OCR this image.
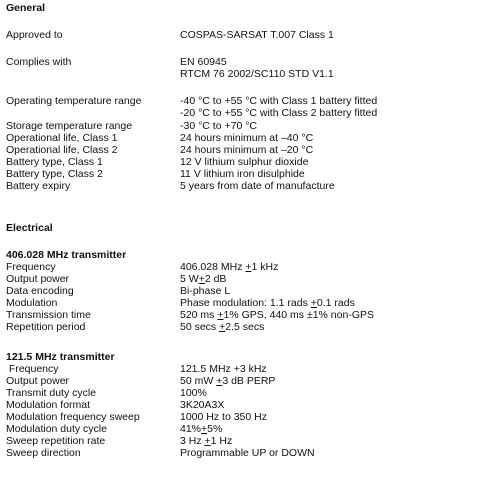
General
Approved to	COSPAS-SARSAT T.007 Class 1
Complies with	EN 60945
RTCM 76 2002/SC110 STD V1.1
Operating temperature range	-40 °C to +55 °C with Class 1 battery fitted
-20 °C to +55 °C with Class 2 battery fitted
Storage temperature range	-30 °C to +70 °C
Operational life, Class 1	24 hours minimum at –40 °C
Operational life, Class 2	24 hours minimum at –20 °C
Battery type, Class 1	12 V lithium sulphur dioxide
Battery type, Class 2	11 V lithium iron disulphide
Battery expiry	5 years from date of manufacture
Electrical
406.028 MHz transmitter
Frequency	406.028 MHz +1 kHz
Output power	5 W+2 dB
Data encoding	Bi-phase L
Modulation	Phase modulation: 1.1 rads +0.1 rads
Transmission time	520 ms +1% GPS, 440 ms ±1% non-GPS
Repetition period	50 secs +2.5 secs
121.5 MHz transmitter
Frequency	121.5 MHz +3 kHz
Output power	50 mW +3 dB PERP
Transmit duty cycle	100%
Modulation format	3K20A3X
Modulation frequency sweep	1000 Hz to 350 Hz
Modulation duty cycle	41%+5%
Sweep repetition rate	3 Hz +1 Hz
Sweep direction	Programmable UP or DOWN
